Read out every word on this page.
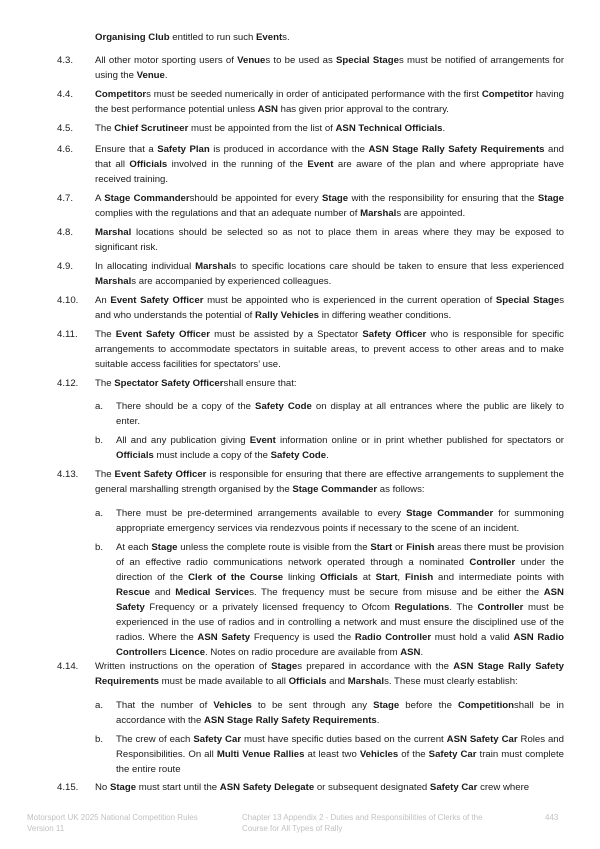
Organising Club entitled to run such Events.
4.3. All other motor sporting users of Venues to be used as Special Stages must be notified of arrangements for using the Venue.
4.4. Competitors must be seeded numerically in order of anticipated performance with the first Competitor having the best performance potential unless ASN has given prior approval to the contrary.
4.5. The Chief Scrutineer must be appointed from the list of ASN Technical Officials.
4.6. Ensure that a Safety Plan is produced in accordance with the ASN Stage Rally Safety Requirements and that all Officials involved in the running of the Event are aware of the plan and where appropriate have received training.
4.7. A Stage Commandershould be appointed for every Stage with the responsibility for ensuring that the Stage complies with the regulations and that an adequate number of Marshals are appointed.
4.8. Marshal locations should be selected so as not to place them in areas where they may be exposed to significant risk.
4.9. In allocating individual Marshals to specific locations care should be taken to ensure that less experienced Marshals are accompanied by experienced colleagues.
4.10. An Event Safety Officer must be appointed who is experienced in the current operation of Special Stages and who understands the potential of Rally Vehicles in differing weather conditions.
4.11. The Event Safety Officer must be assisted by a Spectator Safety Officer who is responsible for specific arrangements to accommodate spectators in suitable areas, to prevent access to other areas and to make suitable access facilities for spectators’ use.
4.12. The Spectator Safety Officershall ensure that:
a. There should be a copy of the Safety Code on display at all entrances where the public are likely to enter.
b. All and any publication giving Event information online or in print whether published for spectators or Officials must include a copy of the Safety Code.
4.13. The Event Safety Officer is responsible for ensuring that there are effective arrangements to supplement the general marshalling strength organised by the Stage Commander as follows:
a. There must be pre-determined arrangements available to every Stage Commander for summoning appropriate emergency services via rendezvous points if necessary to the scene of an incident.
b. At each Stage unless the complete route is visible from the Start or Finish areas there must be provision of an effective radio communications network operated through a nominated Controller under the direction of the Clerk of the Course linking Officials at Start, Finish and intermediate points with Rescue and Medical Services. The frequency must be secure from misuse and be either the ASN Safety Frequency or a privately licensed frequency to Ofcom Regulations. The Controller must be experienced in the use of radios and in controlling a network and must ensure the disciplined use of the radios. Where the ASN Safety Frequency is used the Radio Controller must hold a valid ASN Radio Controllers Licence. Notes on radio procedure are available from ASN.
4.14. Written instructions on the operation of Stages prepared in accordance with the ASN Stage Rally Safety Requirements must be made available to all Officials and Marshals. These must clearly establish:
a. That the number of Vehicles to be sent through any Stage before the Competitionshall be in accordance with the ASN Stage Rally Safety Requirements.
b. The crew of each Safety Car must have specific duties based on the current ASN Safety Car Roles and Responsibilities. On all Multi Venue Rallies at least two Vehicles of the Safety Car train must complete the entire route
4.15. No Stage must start until the ASN Safety Delegate or subsequent designated Safety Car crew where
Motorsport UK 2025 National Competition Rules
Version 11
Chapter 13 Appendix 2 - Duties and Responsibilities of Clerks of the
Course for All Types of Rally
443
